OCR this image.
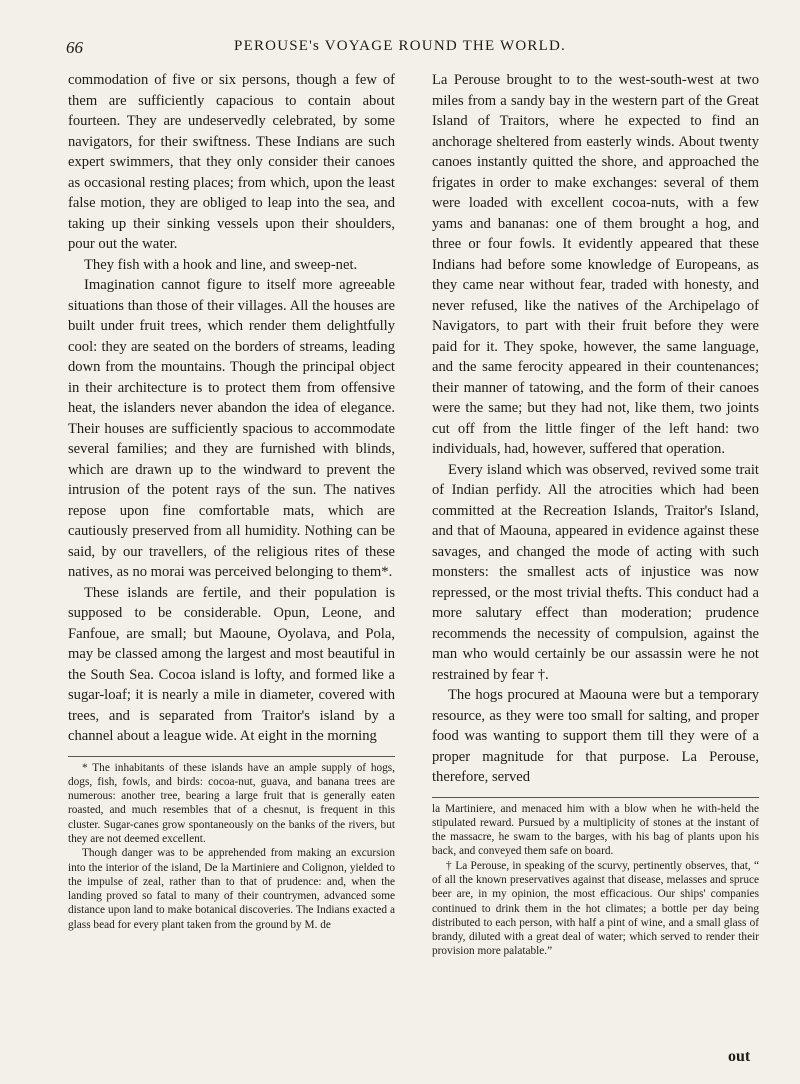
66	PEROUSE's VOYAGE ROUND THE WORLD.

commodation of five or six persons, though a few of them are sufficiently capacious to contain about fourteen. They are undeservedly celebrated, by some navigators, for their swiftness. These Indians are such expert swimmers, that they only consider their canoes as occasional resting places; from which, upon the least false motion, they are obliged to leap into the sea, and taking up their sinking vessels upon their shoulders, pour out the water.

They fish with a hook and line, and sweep-net.

Imagination cannot figure to itself more agreeable situations than those of their villages. All the houses are built under fruit trees, which render them delightfully cool: they are seated on the borders of streams, leading down from the mountains. Though the principal object in their architecture is to protect them from offensive heat, the islanders never abandon the idea of elegance. Their houses are sufficiently spacious to accommodate several families; and they are furnished with blinds, which are drawn up to the windward to prevent the intrusion of the potent rays of the sun. The natives repose upon fine comfortable mats, which are cautiously preserved from all humidity. Nothing can be said, by our travellers, of the religious rites of these natives, as no morai was perceived belonging to them*.

These islands are fertile, and their population is supposed to be considerable. Opun, Leone, and Fanfoue, are small; but Maoune, Oyolava, and Pola, may be classed among the largest and most beautiful in the South Sea. Cocoa island is lofty, and formed like a sugar-loaf; it is nearly a mile in diameter, covered with trees, and is separated from Traitor's island by a channel about a league wide. At eight in the morning

* The inhabitants of these islands have an ample supply of hogs, dogs, fish, fowls, and birds: cocoa-nut, guava, and banana trees are numerous: another tree, bearing a large fruit that is generally eaten roasted, and much resembles that of a chesnut, is frequent in this cluster. Sugar-canes grow spontaneously on the banks of the rivers, but they are not deemed excellent.

Though danger was to be apprehended from making an excursion into the interior of the island, De la Martiniere and Colignon, yielded to the impulse of zeal, rather than to that of prudence: and, when the landing proved so fatal to many of their countrymen, advanced some distance upon land to make botanical discoveries. The Indians exacted a glass bead for every plant taken from the ground by M. de

La Perouse brought to to the west-south-west at two miles from a sandy bay in the western part of the Great Island of Traitors, where he expected to find an anchorage sheltered from easterly winds. About twenty canoes instantly quitted the shore, and approached the frigates in order to make exchanges: several of them were loaded with excellent cocoa-nuts, with a few yams and bananas: one of them brought a hog, and three or four fowls. It evidently appeared that these Indians had before some knowledge of Europeans, as they came near without fear, traded with honesty, and never refused, like the natives of the Archipelago of Navigators, to part with their fruit before they were paid for it. They spoke, however, the same language, and the same ferocity appeared in their countenances; their manner of tatowing, and the form of their canoes were the same; but they had not, like them, two joints cut off from the little finger of the left hand: two individuals, had, however, suffered that operation.

Every island which was observed, revived some trait of Indian perfidy. All the atrocities which had been committed at the Recreation Islands, Traitor's Island, and that of Maouna, appeared in evidence against these savages, and changed the mode of acting with such monsters: the smallest acts of injustice was now repressed, or the most trivial thefts. This conduct had a more salutary effect than moderation; prudence recommends the necessity of compulsion, against the man who would certainly be our assassin were he not restrained by fear †.

The hogs procured at Maouna were but a temporary resource, as they were too small for salting, and proper food was wanting to support them till they were of a proper magnitude for that purpose. La Perouse, therefore, served

la Martiniere, and menaced him with a blow when he with-held the stipulated reward. Pursued by a multiplicity of stones at the instant of the massacre, he swam to the barges, with his bag of plants upon his back, and conveyed them safe on board.

† La Perouse, in speaking of the scurvy, pertinently observes, that, “ of all the known preservatives against that disease, melasses and spruce beer are, in my opinion, the most efficacious. Our ships' companies continued to drink them in the hot climates; a bottle per day being distributed to each person, with half a pint of wine, and a small glass of brandy, diluted with a great deal of water; which served to render their provision more palatable.”

out
